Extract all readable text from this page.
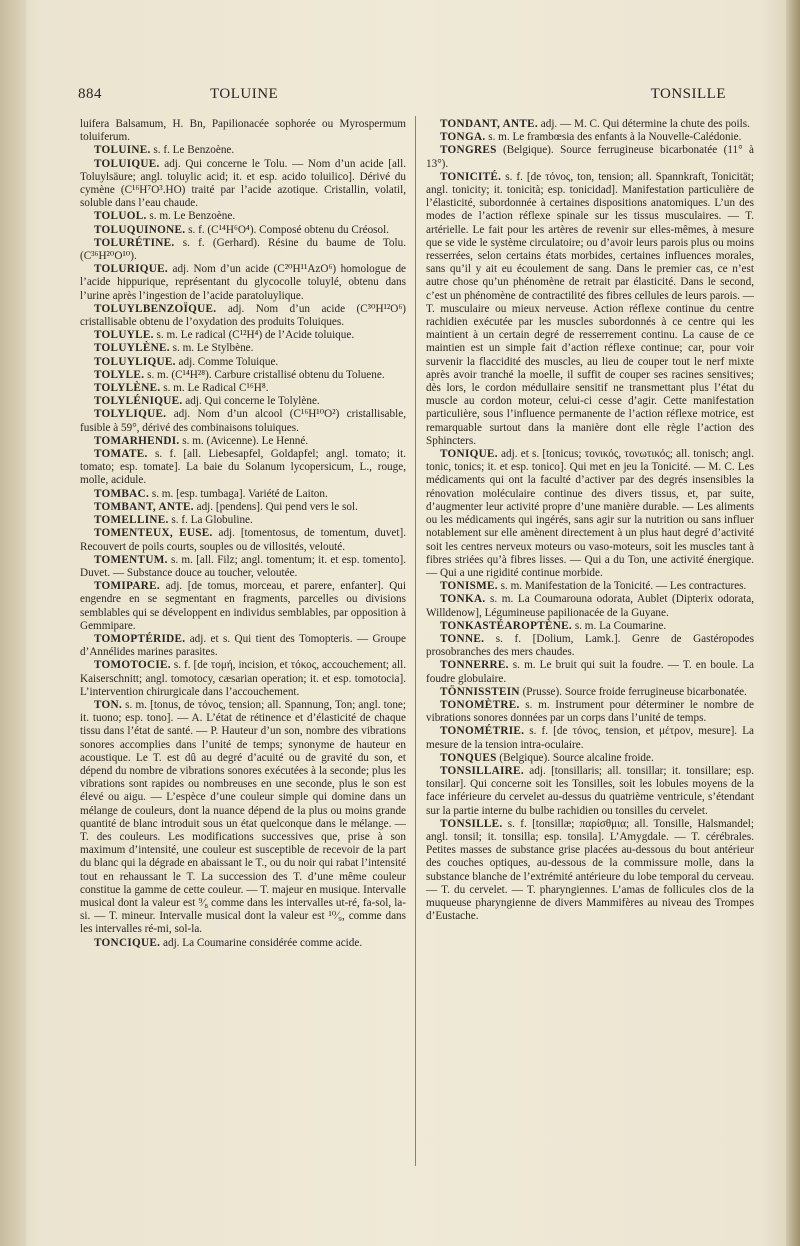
884	TOLUINE	TONSILLE

luifera Balsamum, H. Bn, Papilionacée sophorée ou Myrospermum toluiferum.

TOLUINE. s. f. Le Benzoène.

TOLUIQUE. adj. Qui concerne le Tolu. — Nom d’un acide [all. Toluylsäure; angl. toluylic acid; it. et esp. acido toluilico]. Dérivé du cymène (C¹⁶H⁷O³.HO) traité par l’acide azotique. Cristallin, volatil, soluble dans l’eau chaude.

TOLUOL. s. m. Le Benzoène.

TOLUQUINONE. s. f. (C¹⁴H⁶O⁴). Composé obtenu du Créosol.

TOLURÉTINE. s. f. (Gerhard). Résine du baume de Tolu. (C³⁶H²⁰O¹⁰).

TOLURIQUE. adj. Nom d’un acide (C²⁰H¹¹AzO⁶) homologue de l’acide hippurique, représentant du glycocolle toluylé, obtenu dans l’urine après l’ingestion de l’acide paratoluylique.

TOLUYLBENZOÏQUE. adj. Nom d’un acide (C³⁰H¹²O⁶) cristallisable obtenu de l’oxydation des produits Toluiques.

TOLUYLE. s. m. Le radical (C¹²H⁴) de l’Acide toluique.

TOLUYLÈNE. s. m. Le Stylbène.

TOLUYLIQUE. adj. Comme Toluique.

TOLYLE. s. m. (C¹⁴H²⁸). Carbure cristallisé obtenu du Toluene.

TOLYLÈNE. s. m. Le Radical C¹⁶H⁸.

TOLYLÉNIQUE. adj. Qui concerne le Tolylène.

TOLYLIQUE. adj. Nom d’un alcool (C¹⁶H¹⁰O²) cristallisable, fusible à 59°, dérivé des combinaisons toluiques.

TOMARHENDI. s. m. (Avicenne). Le Henné.

TOMATE. s. f. [all. Liebesapfel, Goldapfel; angl. tomato; it. tomato; esp. tomate]. La baie du Solanum lycopersicum, L., rouge, molle, acidule.

TOMBAC. s. m. [esp. tumbaga]. Variété de Laiton.

TOMBANT, ANTE. adj. [pendens]. Qui pend vers le sol.

TOMELLINE. s. f. La Globuline.

TOMENTEUX, EUSE. adj. [tomentosus, de tomentum, duvet]. Recouvert de poils courts, souples ou de villosités, velouté.

TOMENTUM. s. m. [all. Filz; angl. tomentum; it. et esp. tomento]. Duvet. — Substance douce au toucher, veloutée.

TOMIPARE. adj. [de tomus, morceau, et parere, enfanter]. Qui engendre en se segmentant en fragments, parcelles ou divisions semblables qui se développent en individus semblables, par opposition à Gemmipare.

TOMOPTÉRIDE. adj. et s. Qui tient des Tomopteris. — Groupe d’Annélides marines parasites.

TOMOTOCIE. s. f. [de τομή, incision, et τόκος, accouchement; all. Kaiserschnitt; angl. tomotocy, cæsarian operation; it. et esp. tomotocia]. L’intervention chirurgicale dans l’accouchement.

TON. s. m. [tonus, de τόνος, tension; all. Spannung, Ton; angl. tone; it. tuono; esp. tono]. — A. L’état de rétinence et d’élasticité de chaque tissu dans l’état de santé. — P. Hauteur d’un son, nombre des vibrations sonores accomplies dans l’unité de temps; synonyme de hauteur en acoustique. Le T. est dû au degré d’acuité ou de gravité du son, et dépend du nombre de vibrations sonores exécutées à la seconde; plus les vibrations sont rapides ou nombreuses en une seconde, plus le son est élevé ou aigu. — L’espèce d’une couleur simple qui domine dans un mélange de couleurs, dont la nuance dépend de la plus ou moins grande quantité de blanc introduit sous un état quelconque dans le mélange. — T. des couleurs. Les modifications successives que, prise à son maximum d’intensité, une couleur est susceptible de recevoir de la part du blanc qui la dégrade en abaissant le T., ou du noir qui rabat l’intensité tout en rehaussant le T. La succession des T. d’une même couleur constitue la gamme de cette couleur. — T. majeur en musique. Intervalle musical dont la valeur est ⁹⁄₈ comme dans les intervalles ut-ré, fa-sol, la-si. — T. mineur. Intervalle musical dont la valeur est ¹⁰⁄₉, comme dans les intervalles ré-mi, sol-la.

TONCIQUE. adj. La Coumarine considérée comme acide.

TONDANT, ANTE. adj. — M. C. Qui détermine la chute des poils.

TONGA. s. m. Le frambœsia des enfants à la Nouvelle-Calédonie.

TONGRES (Belgique). Source ferrugineuse bicarbonatée (11° à 13°).

TONICITÉ. s. f. [de τόνος, ton, tension; all. Spannkraft, Tonicität; angl. tonicity; it. tonicità; esp. tonicidad]. Manifestation particulière de l’élasticité, subordonnée à certaines dispositions anatomiques. L’un des modes de l’action réflexe spinale sur les tissus musculaires. — T. artérielle. Le fait pour les artères de revenir sur elles-mêmes, à mesure que se vide le système circulatoire; ou d’avoir leurs parois plus ou moins resserrées, selon certains états morbides, certaines influences morales, sans qu’il y ait eu écoulement de sang. Dans le premier cas, ce n’est autre chose qu’un phénomène de retrait par élasticité. Dans le second, c’est un phénomène de contractilité des fibres cellules de leurs parois. — T. musculaire ou mieux nerveuse. Action réflexe continue du centre rachidien exécutée par les muscles subordonnés à ce centre qui les maintient à un certain degré de resserrement continu. La cause de ce maintien est un simple fait d’action réflexe continue; car, pour voir survenir la flaccidité des muscles, au lieu de couper tout le nerf mixte après avoir tranché la moelle, il suffit de couper ses racines sensitives; dès lors, le cordon médullaire sensitif ne transmettant plus l’état du muscle au cordon moteur, celui-ci cesse d’agir. Cette manifestation particulière, sous l’influence permanente de l’action réflexe motrice, est remarquable surtout dans la manière dont elle règle l’action des Sphincters.

TONIQUE. adj. et s. [tonicus; τονικός, τονωτικός; all. tonisch; angl. tonic, tonics; it. et esp. tonico]. Qui met en jeu la Tonicité. — M. C. Les médicaments qui ont la faculté d’activer par des degrés insensibles la rénovation moléculaire continue des divers tissus, et, par suite, d’augmenter leur activité propre d’une manière durable. — Les aliments ou les médicaments qui ingérés, sans agir sur la nutrition ou sans influer notablement sur elle amènent directement à un plus haut degré d’activité soit les centres nerveux moteurs ou vaso-moteurs, soit les muscles tant à fibres striées qu’à fibres lisses. — Qui a du Ton, une activité énergique. — Qui a une rigidité continue morbide.

TONISME. s. m. Manifestation de la Tonicité. — Les contractures.

TONKA. s. m. La Coumarouna odorata, Aublet (Dipterix odorata, Willdenow], Légumineuse papilionacée de la Guyane.

TONKASTÉAROPTÈNE. s. m. La Coumarine.

TONNE. s. f. [Dolium, Lamk.]. Genre de Gastéropodes prosobranches des mers chaudes.

TONNERRE. s. m. Le bruit qui suit la foudre. — T. en boule. La foudre globulaire.

TÖNNISSTEIN (Prusse). Source froide ferrugineuse bicarbonatée.

TONOMÈTRE. s. m. Instrument pour déterminer le nombre de vibrations sonores données par un corps dans l’unité de temps.

TONOMÉTRIE. s. f. [de τόνος, tension, et μέτρον, mesure]. La mesure de la tension intra-oculaire.

TONQUES (Belgique). Source alcaline froide.

TONSILLAIRE. adj. [tonsillaris; all. tonsillar; it. tonsillare; esp. tonsilar]. Qui concerne soit les Tonsilles, soit les lobules moyens de la face inférieure du cervelet au-dessus du quatrième ventricule, s’étendant sur la partie interne du bulbe rachidien ou tonsilles du cervelet.

TONSILLE. s. f. [tonsillæ; παρίσθμια; all. Tonsille, Halsmandel; angl. tonsil; it. tonsilla; esp. tonsila]. L’Amygdale. — T. cérébrales. Petites masses de substance grise placées au-dessous du bout antérieur des couches optiques, au-dessous de la commissure molle, dans la substance blanche de l’extrémité antérieure du lobe temporal du cerveau. — T. du cervelet. — T. pharyngiennes. L’amas de follicules clos de la muqueuse pharyngienne de divers Mammifères au niveau des Trompes d’Eustache.
